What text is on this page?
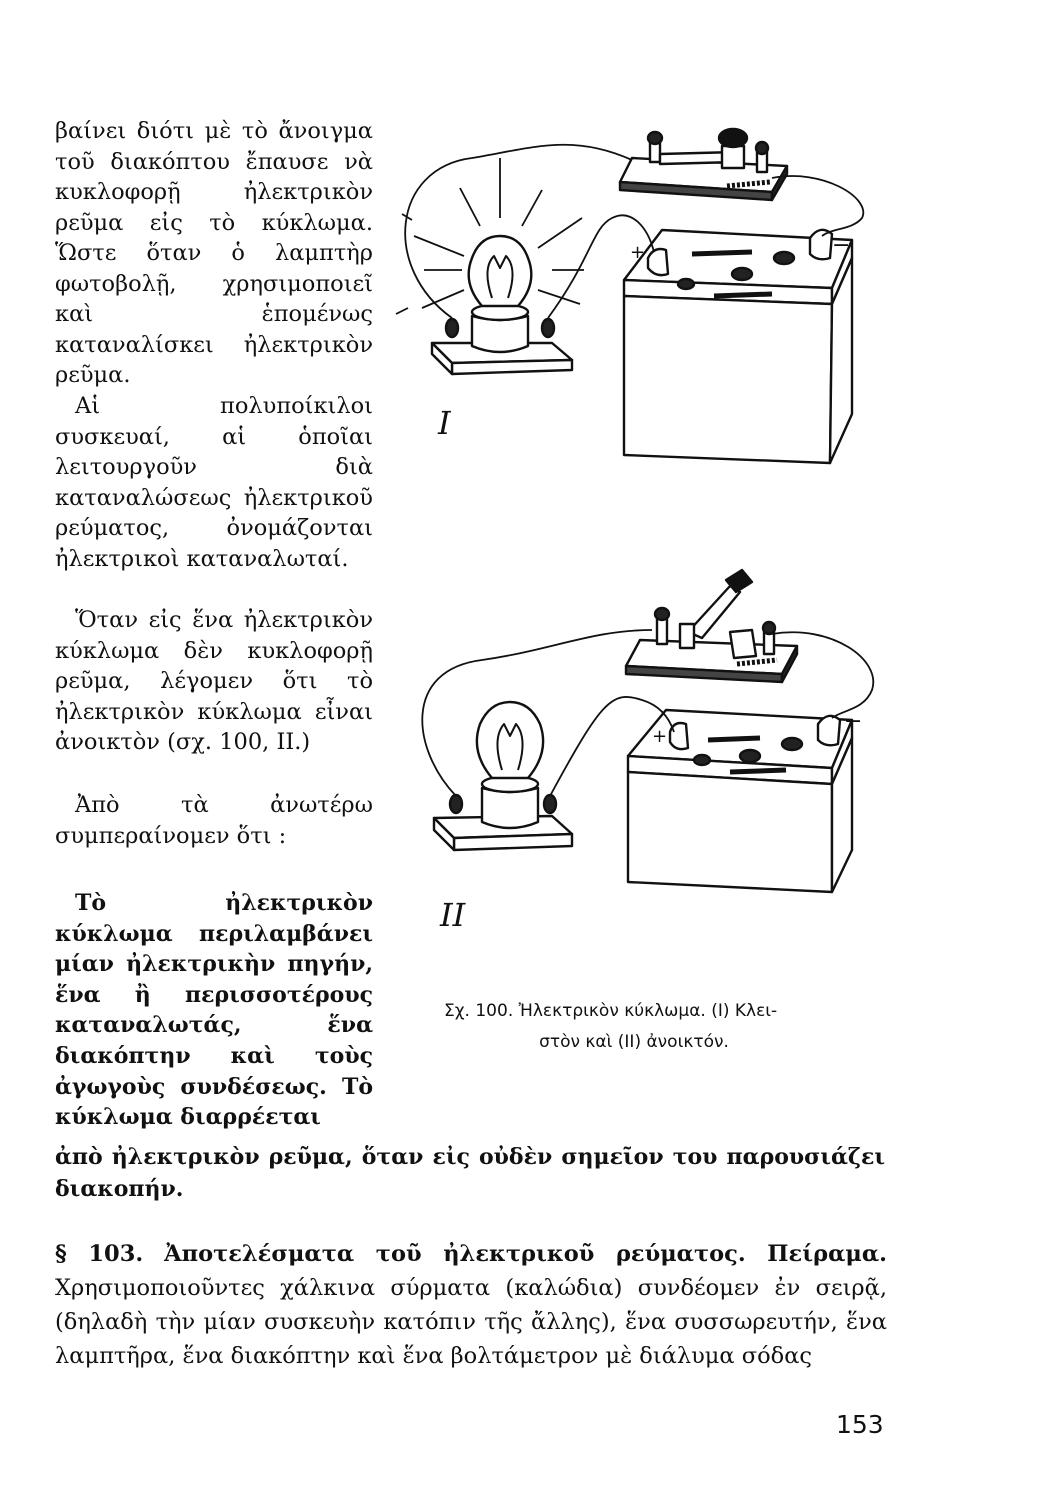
βαίνει διότι μὲ τὸ ἄνοιγμα τοῦ διακόπτου ἔπαυσε νὰ κυκλοφορῇ ἠλεκτρικὸν ρεῦμα εἰς τὸ κύκλωμα. Ὥστε ὅταν ὁ λαμπτὴρ φωτοβολῇ, χρησιμοποιεῖ καὶ ἑπομένως καταναλίσκει ἠλεκτρικὸν ρεῦμα.

Αἱ πολυποίκιλοι συσκευαί, αἱ ὁποῖαι λειτουργοῦν διὰ καταναλώσεως ἠλεκτρικοῦ ρεύματος, ὀνομάζονται ἠλεκτρικοὶ καταναλωταί.

Ὅταν εἰς ἕνα ἠλεκτρικὸν κύκλωμα δὲν κυκλοφορῇ ρεῦμα, λέγομεν ὅτι τὸ ἠλεκτρικὸν κύκλωμα εἶναι ἀνοικτὸν (σχ. 100, II.)

Ἀπὸ τὰ ἀνωτέρω συμπεραίνομεν ὅτι :

Τὸ ἠλεκτρικὸν κύκλωμα περιλαμβάνει μίαν ἠλεκτρικὴν πηγήν, ἕνα ἢ περισσοτέρους καταναλωτάς, ἕνα διακόπτην καὶ τοὺς ἀγωγοὺς συνδέσεως. Τὸ κύκλωμα διαρρέεται

ἀπὸ ἠλεκτρικὸν ρεῦμα, ὅταν εἰς οὐδὲν σημεῖον του παρουσιάζει διακοπήν.
+	−
I
+
−
II
Σχ. 100. Ἠλεκτρικὸν κύκλωμα. (I) Κλει-
στὸν καὶ (II) ἀνοικτόν.
§ 103. Ἀποτελέσματα τοῦ ἠλεκτρικοῦ ρεύματος. Πείραμα. Χρησιμοποιοῦντες χάλκινα σύρματα (καλώδια) συνδέομεν ἐν σειρᾷ, (δηλαδὴ τὴν μίαν συσκευὴν κατόπιν τῆς ἄλλης), ἕνα συσσωρευτήν, ἕνα λαμπτῆρα, ἕνα διακόπτην καὶ ἕνα βολτάμετρον μὲ διάλυμα σόδας
153
